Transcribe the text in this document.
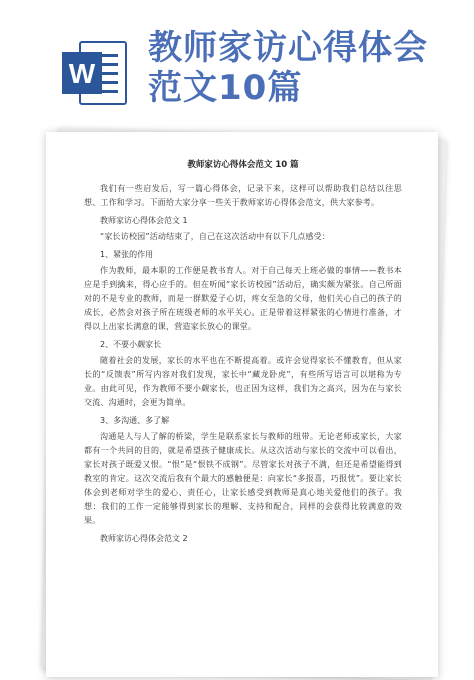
W
教师家访心得体会
范文10篇
教师家访心得体会范文 10 篇

我们有一些启发后，写一篇心得体会，记录下来，这样可以帮助我们总结以往思想、工作和学习。下面给大家分享一些关于教师家访心得体会范文，供大家参考。

教师家访心得体会范文 1

“家长访校园”活动结束了，自己在这次活动中有以下几点感受：

1、紧张的作用

作为教师，最本职的工作便是教书育人。对于自己每天上班必做的事情——教书本应是手到擒来，得心应手的。但在听闻“家长访校园”活动后，确实颇为紧张。自己所面对的不是专业的教师，而是一群默爱子心切，疼女至急的父母，他们关心自己的孩子的成长，必然会对孩子所在班级老师的水平关心。正是带着这样紧张的心情进行准备，才得以上出家长满意的课，营造家长放心的课堂。

2、不要小觑家长

随着社会的发展，家长的水平也在不断提高着。或许会觉得家长不懂教育，但从家长的“反馈表”所写内容对我们发现，家长中“藏龙卧虎”，有些所写语言可以堪称为专业。由此可见，作为教师不要小觑家长，也正因为这样，我们为之高兴，因为在与家长交流、沟通时，会更为简单。

3、多沟通、多了解

沟通是人与人了解的桥梁，学生是联系家长与教师的纽带。无论老师或家长，大家都有一个共同的目的，就是希望孩子健康成长。从这次活动与家长的交流中可以看出，家长对孩子既爱又恨。“恨”是“恨铁不成钢”。尽管家长对孩子不满，但还是希望能得到教室的肯定。这次交流后我有个最大的感触便是：向家长“多报喜，巧报忧”。要让家长体会到老师对学生的爱心、责任心，让家长感受到教师是真心地关爱他们的孩子。我想：我们的工作一定能够得到家长的理解、支持和配合，同样的会获得比较满意的效果。

教师家访心得体会范文 2
